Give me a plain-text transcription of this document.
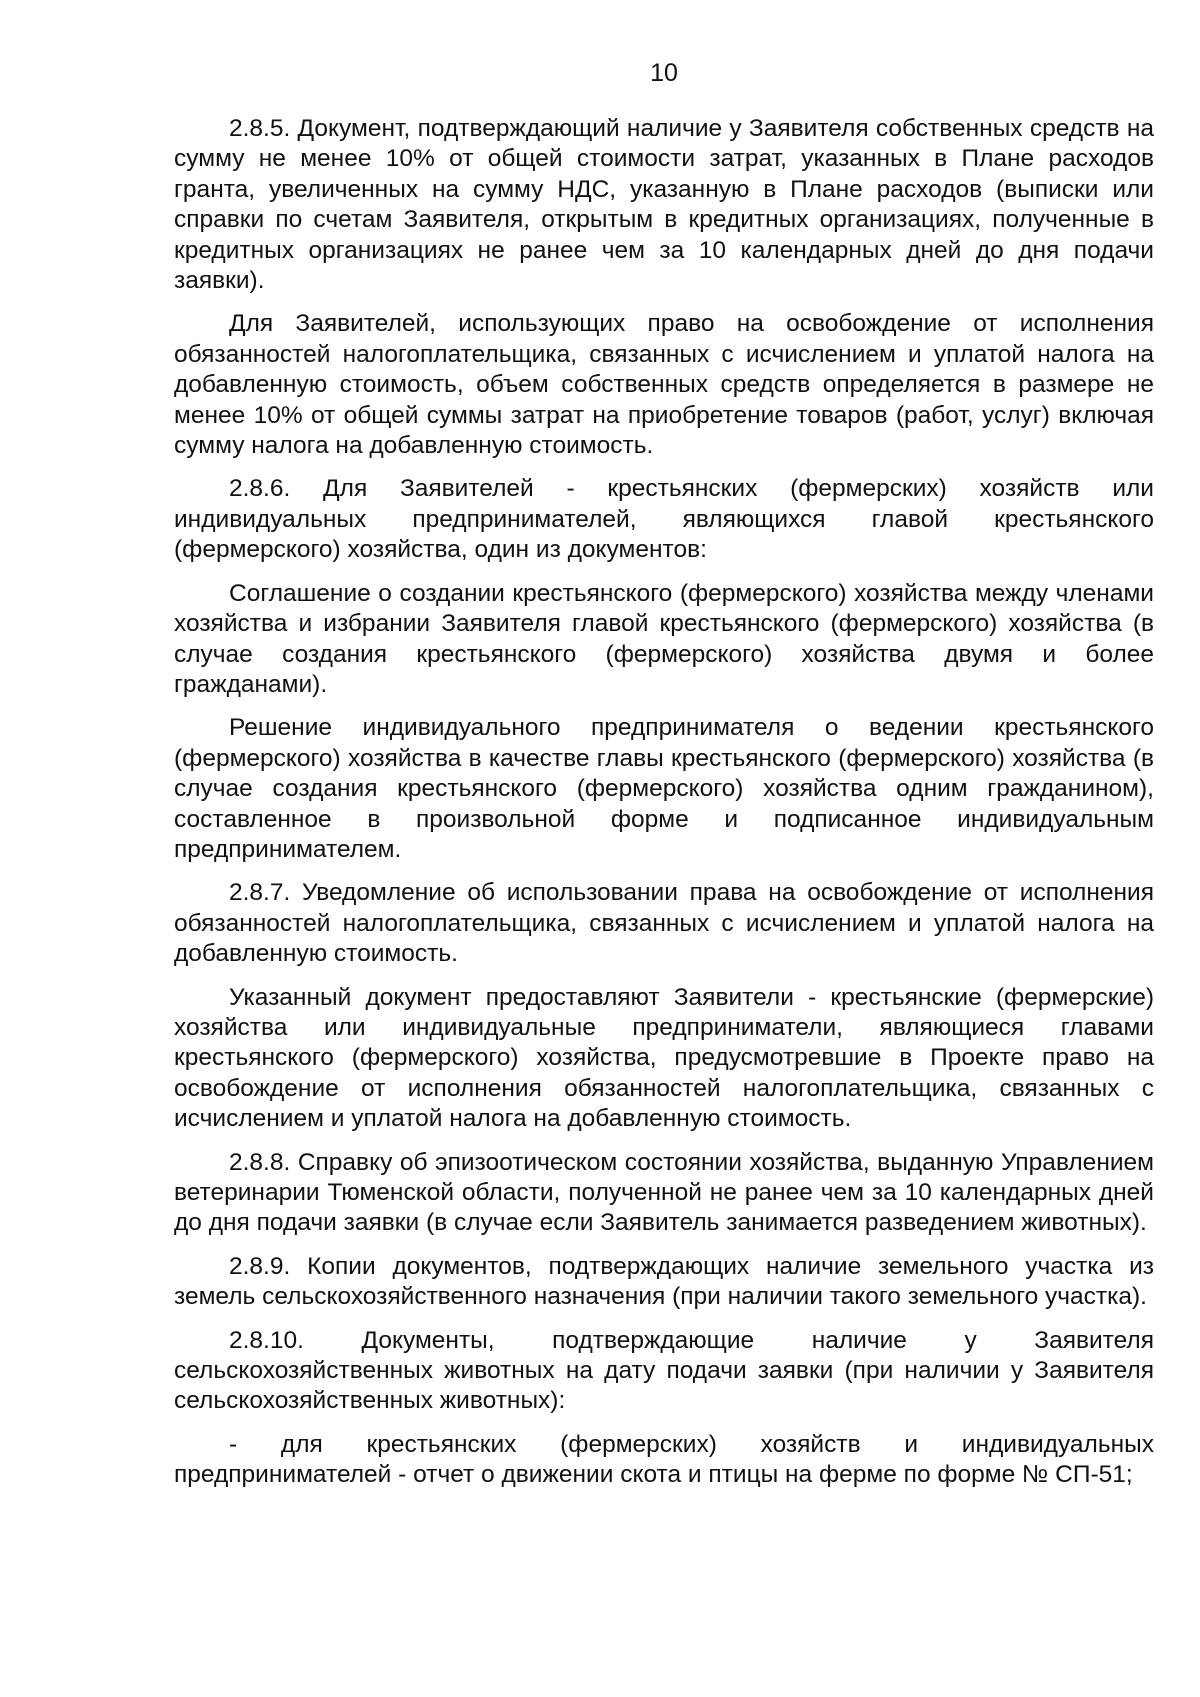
10

2.8.5. Документ, подтверждающий наличие у Заявителя собственных средств на сумму не менее 10% от общей стоимости затрат, указанных в Плане расходов гранта, увеличенных на сумму НДС, указанную в Плане расходов (выписки или справки по счетам Заявителя, открытым в кредитных организациях, полученные в кредитных организациях не ранее чем за 10 календарных дней до дня подачи заявки).

Для Заявителей, использующих право на освобождение от исполнения обязанностей налогоплательщика, связанных с исчислением и уплатой налога на добавленную стоимость, объем собственных средств определяется в размере не менее 10% от общей суммы затрат на приобретение товаров (работ, услуг) включая сумму налога на добавленную стоимость.

2.8.6. Для Заявителей - крестьянских (фермерских) хозяйств или индивидуальных предпринимателей, являющихся главой крестьянского (фермерского) хозяйства, один из документов:

Соглашение о создании крестьянского (фермерского) хозяйства между членами хозяйства и избрании Заявителя главой крестьянского (фермерского) хозяйства (в случае создания крестьянского (фермерского) хозяйства двумя и более гражданами).

Решение индивидуального предпринимателя о ведении крестьянского (фермерского) хозяйства в качестве главы крестьянского (фермерского) хозяйства (в случае создания крестьянского (фермерского) хозяйства одним гражданином), составленное в произвольной форме и подписанное индивидуальным предпринимателем.

2.8.7. Уведомление об использовании права на освобождение от исполнения обязанностей налогоплательщика, связанных с исчислением и уплатой налога на добавленную стоимость.

Указанный документ предоставляют Заявители - крестьянские (фермерские) хозяйства или индивидуальные предприниматели, являющиеся главами крестьянского (фермерского) хозяйства, предусмотревшие в Проекте право на освобождение от исполнения обязанностей налогоплательщика, связанных с исчислением и уплатой налога на добавленную стоимость.

2.8.8. Справку об эпизоотическом состоянии хозяйства, выданную Управлением ветеринарии Тюменской области, полученной не ранее чем за 10 календарных дней до дня подачи заявки (в случае если Заявитель занимается разведением животных).

2.8.9. Копии документов, подтверждающих наличие земельного участка из земель сельскохозяйственного назначения (при наличии такого земельного участка).

2.8.10. Документы, подтверждающие наличие у Заявителя сельскохозяйственных животных на дату подачи заявки (при наличии у Заявителя сельскохозяйственных животных):

- для крестьянских (фермерских) хозяйств и индивидуальных предпринимателей - отчет о движении скота и птицы на ферме по форме № СП-51;
